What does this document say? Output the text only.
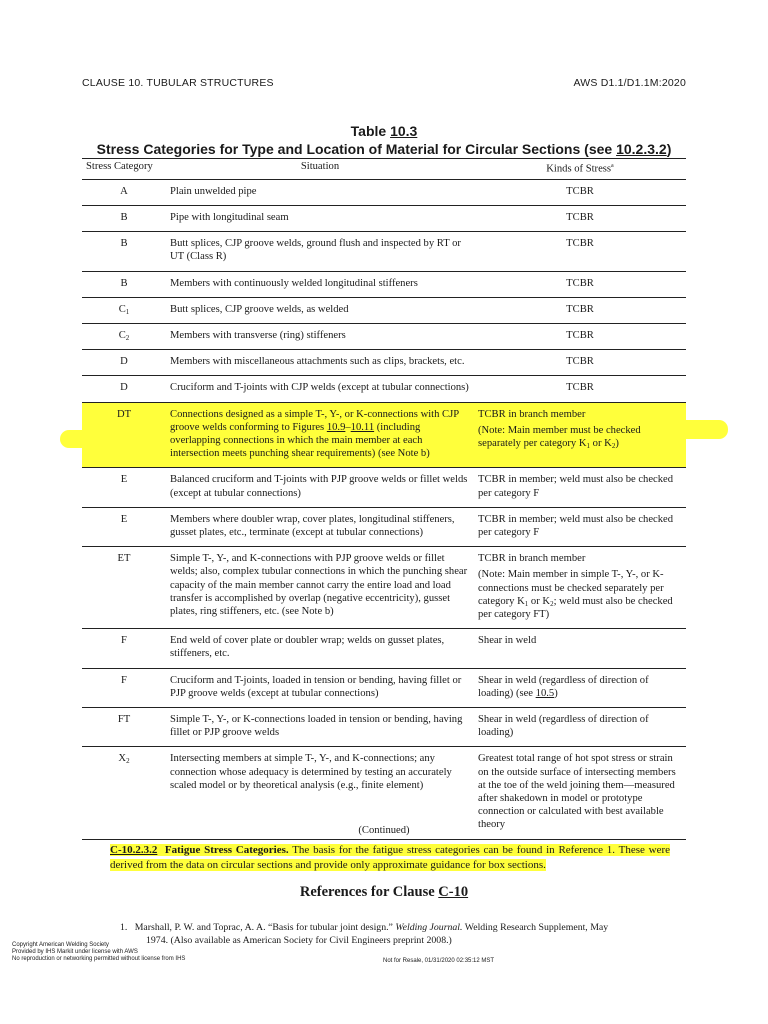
CLAUSE 10. TUBULAR STRUCTURES	AWS D1.1/D1.1M:2020
Table 10.3
Stress Categories for Type and Location of Material for Circular Sections (see 10.2.3.2)
Stress Category	Situation	Kinds of Stress$^a$
A	Plain unwelded pipe	TCBR
B	Pipe with longitudinal seam	TCBR
B	Butt splices, CJP groove welds, ground flush and inspected by RT or UT (Class R)	TCBR
B	Members with continuously welded longitudinal stiffeners	TCBR
$C_1$	Butt splices, CJP groove welds, as welded	TCBR
$C_2$	Members with transverse (ring) stiffeners	TCBR
D	Members with miscellaneous attachments such as clips, brackets, etc.	TCBR
D	Cruciform and T-joints with CJP welds (except at tubular connections)	TCBR
DT	Connections designed as a simple T-, Y-, or K-connections with CJP groove welds conforming to Figures 10.9–10.11 (including overlapping connections in which the main member at each intersection meets punching shear requirements) (see Note b)	TCBR in branch member
(Note: Main member must be checked separately per category $K_1$ or $K_2$)

E	Balanced cruciform and T-joints with PJP groove welds or fillet welds (except at tubular connections)	TCBR in member; weld must also be checked per category F
E	Members where doubler wrap, cover plates, longitudinal stiffeners, gusset plates, etc., terminate (except at tubular connections)	TCBR in member; weld must also be checked per category F
ET	Simple T-, Y-, and K-connections with PJP groove welds or fillet welds; also, complex tubular connections in which the punching shear capacity of the main member cannot carry the entire load and load transfer is accomplished by overlap (negative eccentricity), gusset plates, ring stiffeners, etc. (see Note b)	TCBR in branch member
(Note: Main member in simple T-, Y-, or K-connections must be checked separately per category $K_1$ or $K_2$; weld must also be checked per category FT)

F	End weld of cover plate or doubler wrap; welds on gusset plates, stiffeners, etc.	Shear in weld
F	Cruciform and T-joints, loaded in tension or bending, having fillet or PJP groove welds (except at tubular connections)	Shear in weld (regardless of direction of loading) (see 10.5)
FT	Simple T-, Y-, or K-connections loaded in tension or bending, having fillet or PJP groove welds	Shear in weld (regardless of direction of loading)
$X_2$	Intersecting members at simple T-, Y-, and K-connections; any connection whose adequacy is determined by testing an accurately scaled model or by theoretical analysis (e.g., finite element)	Greatest total range of hot spot stress or strain on the outside surface of intersecting members at the toe of the weld joining them—measured after shakedown in model or prototype connection or calculated with best available theory
(Continued)
C-10.2.3.2 Fatigue Stress Categories. The basis for the fatigue stress categories can be found in Reference 1. These were derived from the data on circular sections and provide only approximate guidance for box sections.
References for Clause C-10
1. Marshall, P. W. and Toprac, A. A. “Basis for tubular joint design.” Welding Journal. Welding Research Supplement, May 1974. (Also available as American Society for Civil Engineers preprint 2008.)
Copyright American Welding Society
Provided by IHS Markit under license with AWS
No reproduction or networking permitted without license from IHS	Not for Resale, 01/31/2020 02:35:12 MST
